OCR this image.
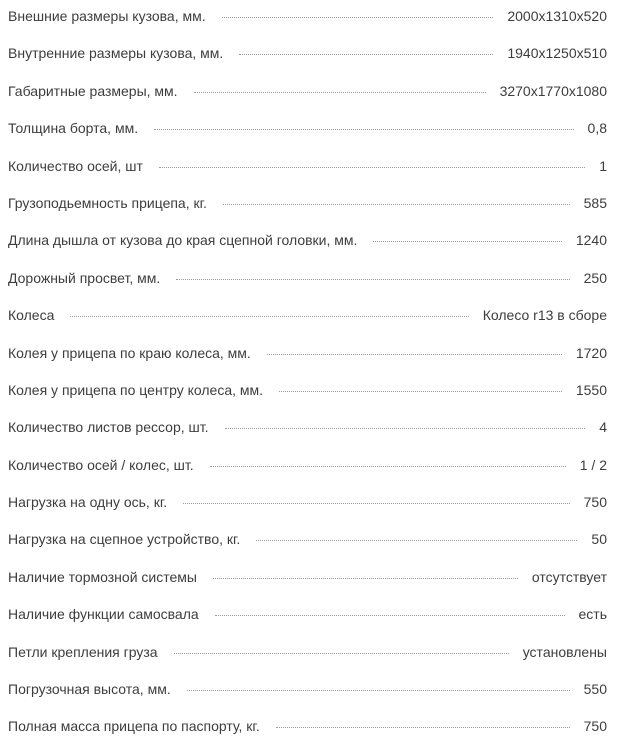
Внешние размеры кузова, мм.	2000x1310x520
Внутренние размеры кузова, мм.	1940x1250x510
Габаритные размеры, мм.	3270x1770x1080
Толщина борта, мм.	0,8
Количество осей, шт	1
Грузоподьемность прицепа, кг.	585
Длина дышла от кузова до края сцепной головки, мм.	1240
Дорожный просвет, мм.	250
Колеса	Колесо r13 в сборе
Колея у прицепа по краю колеса, мм.	1720
Колея у прицепа по центру колеса, мм.	1550
Количество листов рессор, шт.	4
Количество осей / колес, шт.	1 / 2
Нагрузка на одну ось, кг.	750
Нагрузка на сцепное устройство, кг.	50
Наличие тормозной системы	отсутствует
Наличие функции самосвала	есть
Петли крепления груза	установлены
Погрузочная высота, мм.	550
Полная масса прицепа по паспорту, кг.	750
